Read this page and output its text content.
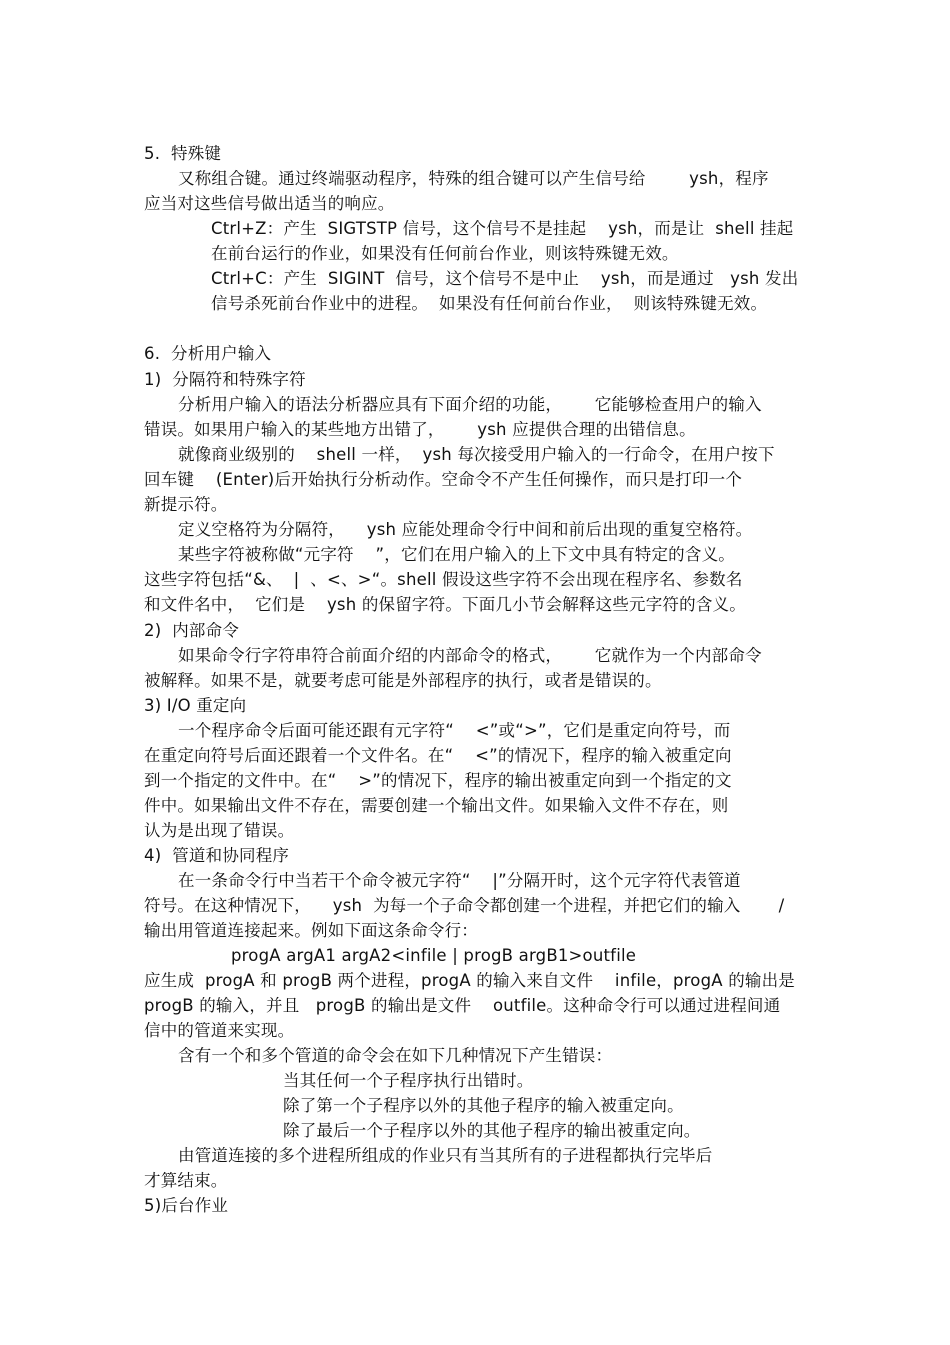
5.  特殊键
又称组合键。通过终端驱动程序，特殊的组合键可以产生信号给        ysh，程序
应当对这些信号做出适当的响应。
Ctrl+Z：产生  SIGTSTP 信号，这个信号不是挂起    ysh，而是让  shell 挂起
在前台运行的作业，如果没有任何前台作业，则该特殊键无效。
Ctrl+C：产生  SIGINT  信号，这个信号不是中止    ysh，而是通过   ysh 发出
信号杀死前台作业中的进程。  如果没有任何前台作业，  则该特殊键无效。
6.  分析用户输入
1)  分隔符和特殊字符
分析用户输入的语法分析器应具有下面介绍的功能，      它能够检查用户的输入
错误。如果用户输入的某些地方出错了，      ysh 应提供合理的出错信息。
就像商业级别的    shell 一样，  ysh 每次接受用户输入的一行命令，在用户按下
回车键    (Enter)后开始执行分析动作。空命令不产生任何操作，而只是打印一个
新提示符。
定义空格符为分隔符，    ysh 应能处理命令行中间和前后出现的重复空格符。
某些字符被称做“元字符    ”，它们在用户输入的上下文中具有特定的含义。
这些字符包括“&、  |  、<、>“。shell 假设这些字符不会出现在程序名、参数名
和文件名中，  它们是    ysh 的保留字符。下面几小节会解释这些元字符的含义。
2)  内部命令
如果命令行字符串符合前面介绍的内部命令的格式，      它就作为一个内部命令
被解释。如果不是，就要考虑可能是外部程序的执行，或者是错误的。
3) I/O 重定向
一个程序命令后面可能还跟有元字符“    <”或“>”，它们是重定向符号，而
在重定向符号后面还跟着一个文件名。在“    <”的情况下，程序的输入被重定向
到一个指定的文件中。在“    >”的情况下，程序的输出被重定向到一个指定的文
件中。如果输出文件不存在，需要创建一个输出文件。如果输入文件不存在，则
认为是出现了错误。
4)  管道和协同程序
在一条命令行中当若干个命令被元字符“    |”分隔开时，这个元字符代表管道
符号。在这种情况下，    ysh  为每一个子命令都创建一个进程，并把它们的输入       /
输出用管道连接起来。例如下面这条命令行：
progA argA1 argA2<infile | progB argB1>outfile
应生成  progA 和 progB 两个进程，progA 的输入来自文件    infile，progA 的输出是
progB 的输入，并且   progB 的输出是文件    outfile。这种命令行可以通过进程间通
信中的管道来实现。
含有一个和多个管道的命令会在如下几种情况下产生错误：
当其任何一个子程序执行出错时。
除了第一个子程序以外的其他子程序的输入被重定向。
除了最后一个子程序以外的其他子程序的输出被重定向。
由管道连接的多个进程所组成的作业只有当其所有的子进程都执行完毕后
才算结束。
5)后台作业
